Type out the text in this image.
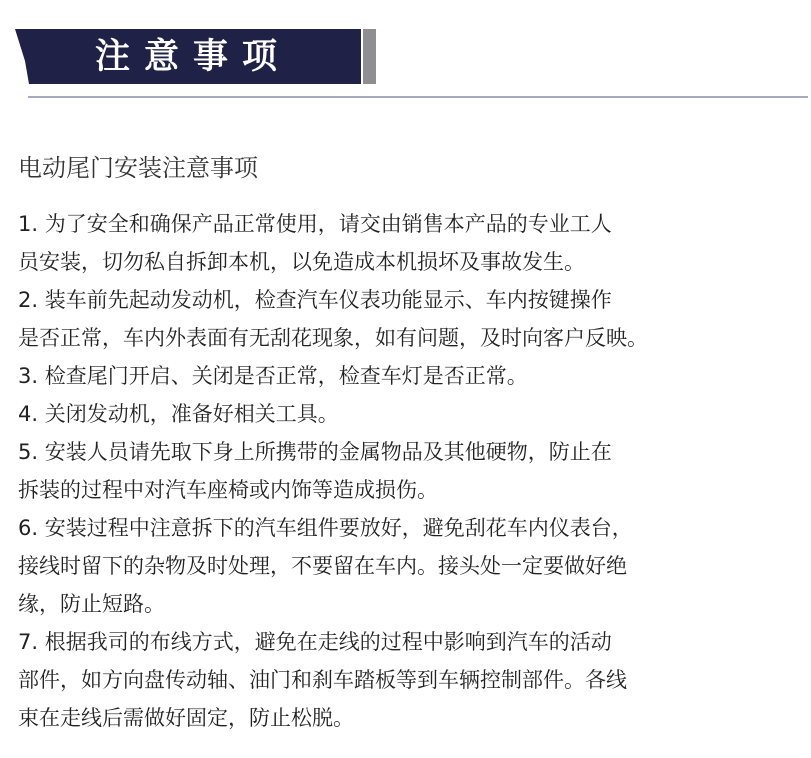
注意事项
电动尾门安装注意事项
1. 为了安全和确保产品正常使用，请交由销售本产品的专业工人
员安装，切勿私自拆卸本机，以免造成本机损坏及事故发生。
2. 装车前先起动发动机，检查汽车仪表功能显示、车内按键操作
是否正常，车内外表面有无刮花现象，如有问题，及时向客户反映。
3. 检查尾门开启、关闭是否正常，检查车灯是否正常。
4. 关闭发动机，准备好相关工具。
5. 安装人员请先取下身上所携带的金属物品及其他硬物，防止在
拆装的过程中对汽车座椅或内饰等造成损伤。
6. 安装过程中注意拆下的汽车组件要放好，避免刮花车内仪表台，
接线时留下的杂物及时处理，不要留在车内。接头处一定要做好绝
缘，防止短路。
7. 根据我司的布线方式，避免在走线的过程中影响到汽车的活动
部件，如方向盘传动轴、油门和刹车踏板等到车辆控制部件。各线
束在走线后需做好固定，防止松脱。
